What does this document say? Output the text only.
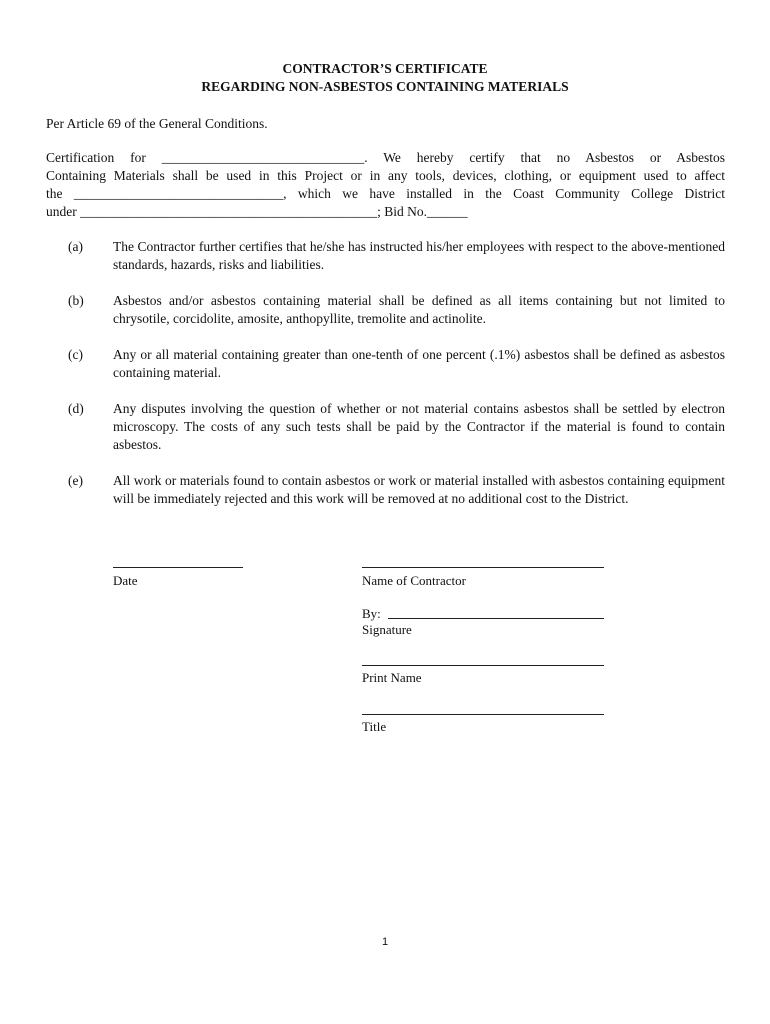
CONTRACTOR’S CERTIFICATE
REGARDING NON-ASBESTOS CONTAINING MATERIALS
Per Article 69 of the General Conditions.
Certification for ______________________________. We hereby certify that no Asbestos or Asbestos
Containing Materials shall be used in this Project or in any tools, devices, clothing, or equipment used to affect
the _______________________________, which we have installed in the Coast Community College District
under ____________________________________________; Bid No.______
(a) The Contractor further certifies that he/she has instructed his/her employees with respect to the above-mentioned standards, hazards, risks and liabilities.
(b) Asbestos and/or asbestos containing material shall be defined as all items containing but not limited to chrysotile, corcidolite, amosite, anthopyllite, tremolite and actinolite.
(c) Any or all material containing greater than one-tenth of one percent (.1%) asbestos shall be defined as asbestos containing material.
(d) Any disputes involving the question of whether or not material contains asbestos shall be settled by electron microscopy. The costs of any such tests shall be paid by the Contractor if the material is found to contain asbestos.
(e) All work or materials found to contain asbestos or work or material installed with asbestos containing equipment will be immediately rejected and this work will be removed at no additional cost to the District.
Date	Name of Contractor
By:
Signature
Print Name
Title
1
